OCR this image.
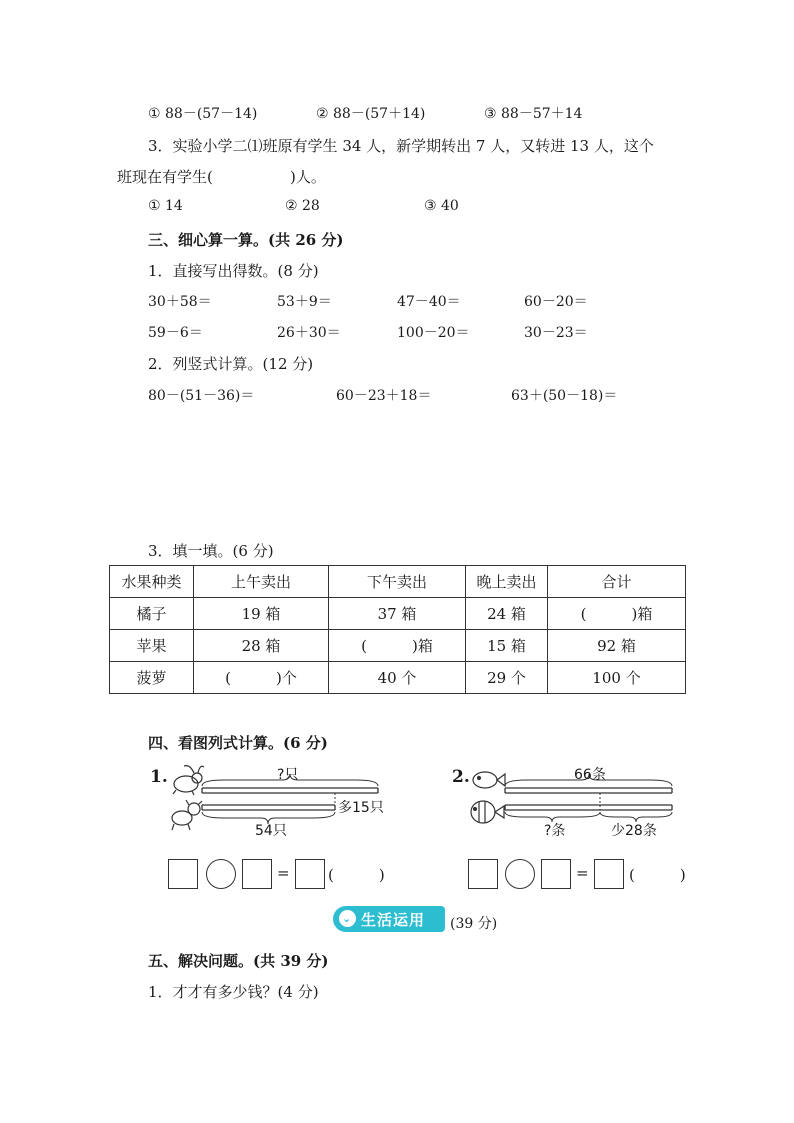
① 88－(57－14)	② 88－(57＋14)	③ 88－57＋14
3．实验小学二⑴班原有学生 34 人，新学期转出 7 人，又转进 13 人，这个
班现在有学生(	)人。
① 14	② 28	③ 40
三、细心算一算。(共 26 分)
1．直接写出得数。(8 分)
30＋58＝	53＋9＝	47－40＝	60－20＝
59－6＝	26＋30＝	100－20＝	30－23＝
2．列竖式计算。(12 分)
80－(51－36)＝	60－23＋18＝	63＋(50－18)＝
3．填一填。(6 分)
水果种类	上午卖出	下午卖出	晚上卖出	合计
橘子	19 箱	37 箱	24 箱	(　　　)箱
苹果	28 箱	(　　　)箱	15 箱	92 箱
菠萝	(　　　)个	40 个	29 个	100 个
四、看图列式计算。(6 分)
1.	?只
多15只
54只
2.	66条
?条	少28条
=	(　　　)	=	(　　　)
⌄ 生活运用 (39 分)
五、解决问题。(共 39 分)
1．才才有多少钱？(4 分)
